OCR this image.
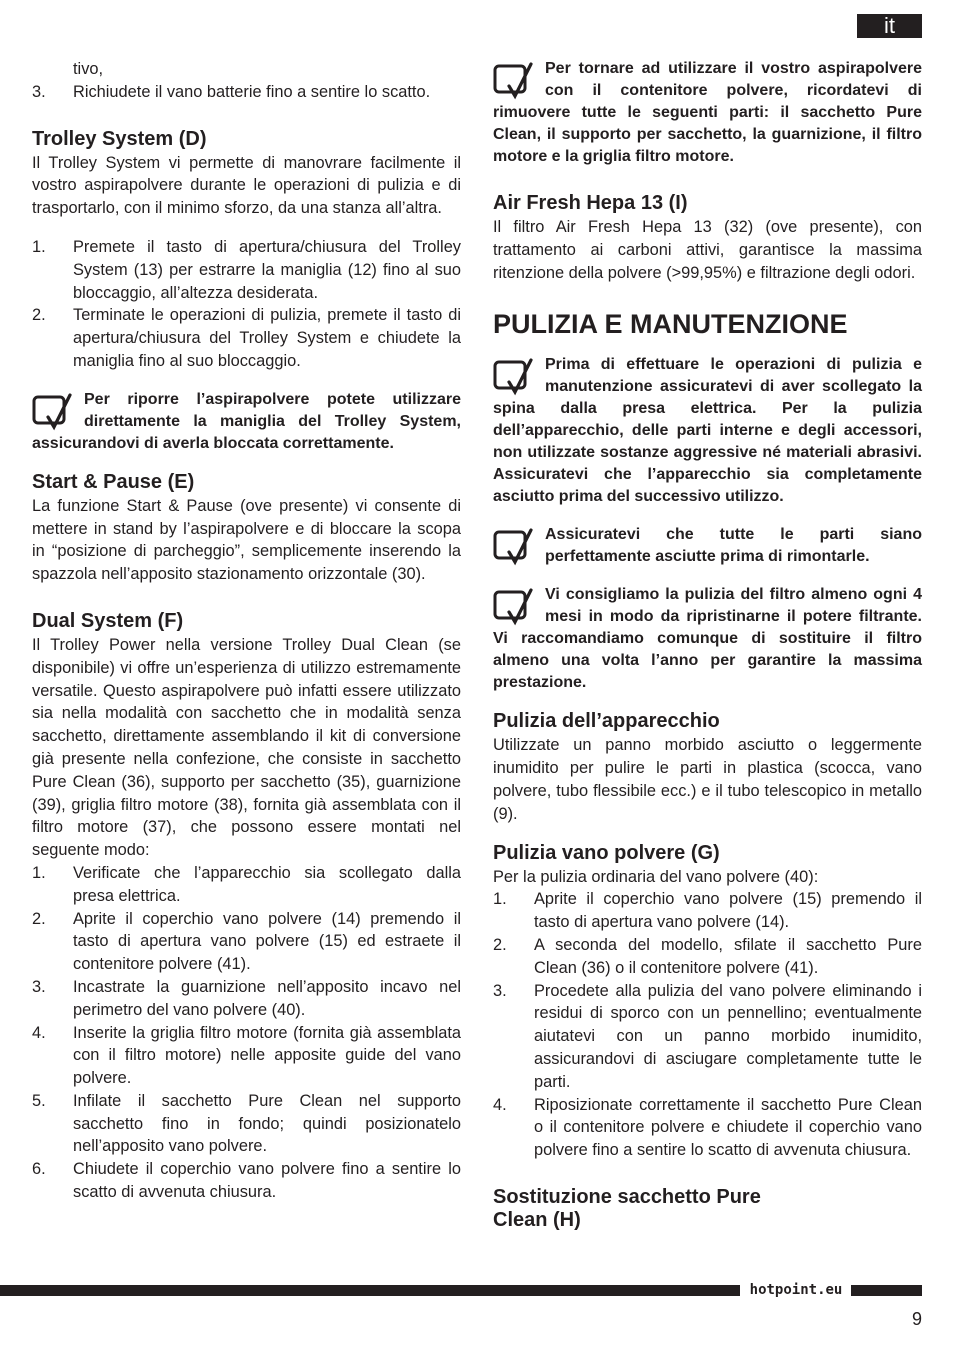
it
tivo,
3. Richiudete il vano batterie fino a sentire lo scatto.
Trolley System (D)

Il Trolley System vi permette di manovrare facilmente il vostro aspirapolvere durante le operazioni di pulizia e di trasportarlo, con il minimo sforzo, da una stanza all’altra.

1. Premete il tasto di apertura/chiusura del Trolley System (13) per estrarre la maniglia (12) fino al suo bloccaggio, all’altezza desiderata.
2. Terminate le operazioni di pulizia, premete il tasto di apertura/chiusura del Trolley System e chiudete la maniglia fino al suo bloccaggio.
Per riporre l’aspirapolvere potete utilizzare direttamente la maniglia del Trolley System, assicurandovi di averla bloccata correttamente.
Start & Pause (E)

La funzione Start & Pause (ove presente) vi consente di mettere in stand by l’aspirapolvere e di bloccare la scopa in “posizione di parcheggio”, semplicemente inserendo la spazzola nell’apposito stazionamento orizzontale (30).

Dual System (F)

Il Trolley Power nella versione Trolley Dual Clean (se disponibile) vi offre un’esperienza di utilizzo estremamente versatile. Questo aspirapolvere può infatti essere utilizzato sia nella modalità con sacchetto che in modalità senza sacchetto, direttamente assemblando il kit di conversione già presente nella confezione, che consiste in sacchetto Pure Clean (36), supporto per sacchetto (35), guarnizione (39), griglia filtro motore (38), fornita già assemblata con il filtro motore (37), che possono essere montati nel seguente modo:

1. Verificate che l’apparecchio sia scollegato dalla presa elettrica.
2. Aprite il coperchio vano polvere (14) premendo il tasto di apertura vano polvere (15) ed estraete il contenitore polvere (41).
3. Incastrate la guarnizione nell’apposito incavo nel perimetro del vano polvere (40).
4. Inserite la griglia filtro motore (fornita già assemblata con il filtro motore) nelle apposite guide del vano polvere.
5. Infilate il sacchetto Pure Clean nel supporto sacchetto fino in fondo; quindi posizionatelo nell’apposito vano polvere.
6. Chiudete il coperchio vano polvere fino a sentire lo scatto di avvenuta chiusura.
Per tornare ad utilizzare il vostro aspirapolvere con il contenitore polvere, ricordatevi di rimuovere tutte le seguenti parti: il sacchetto Pure Clean, il supporto per sacchetto, la guarnizione, il filtro motore e la griglia filtro motore.
Air Fresh Hepa 13 (I)

Il filtro Air Fresh Hepa 13 (32) (ove presente), con trattamento ai carboni attivi, garantisce la massima ritenzione della polvere (>99,95%) e filtrazione degli odori.

PULIZIA E MANUTENZIONE
Prima di effettuare le operazioni di pulizia e manutenzione assicuratevi di aver scollegato la spina dalla presa elettrica. Per la pulizia dell’apparecchio, delle parti interne e degli accessori, non utilizzate sostanze aggressive né materiali abrasivi. Assicuratevi che l’apparecchio sia completamente asciutto prima del successivo utilizzo.
Assicuratevi che tutte le parti siano perfettamente asciutte prima di rimontarle.
Vi consigliamo la pulizia del filtro almeno ogni 4 mesi in modo da ripristinarne il potere filtrante. Vi raccomandiamo comunque di sostituire il filtro almeno una volta l’anno per garantire la massima prestazione.
Pulizia dell’apparecchio

Utilizzate un panno morbido asciutto o leggermente inumidito per pulire le parti in plastica (scocca, vano polvere, tubo flessibile ecc.) e il tubo telescopico in metallo (9).

Pulizia vano polvere (G)

Per la pulizia ordinaria del vano polvere (40):

1. Aprite il coperchio vano polvere (15) premendo il tasto di apertura vano polvere (14).
2. A seconda del modello, sfilate il sacchetto Pure Clean (36) o il contenitore polvere (41).
3. Procedete alla pulizia del vano polvere eliminando i residui di sporco con un pennellino; eventualmente aiutatevi con un panno morbido inumidito, assicurandovi di asciugare completamente tutte le parti.
4. Riposizionate correttamente il sacchetto Pure Clean o il contenitore polvere e chiudete il coperchio vano polvere fino a sentire lo scatto di avvenuta chiusura.
Sostituzione sacchetto Pure
Clean (H)
hotpoint.eu
9
